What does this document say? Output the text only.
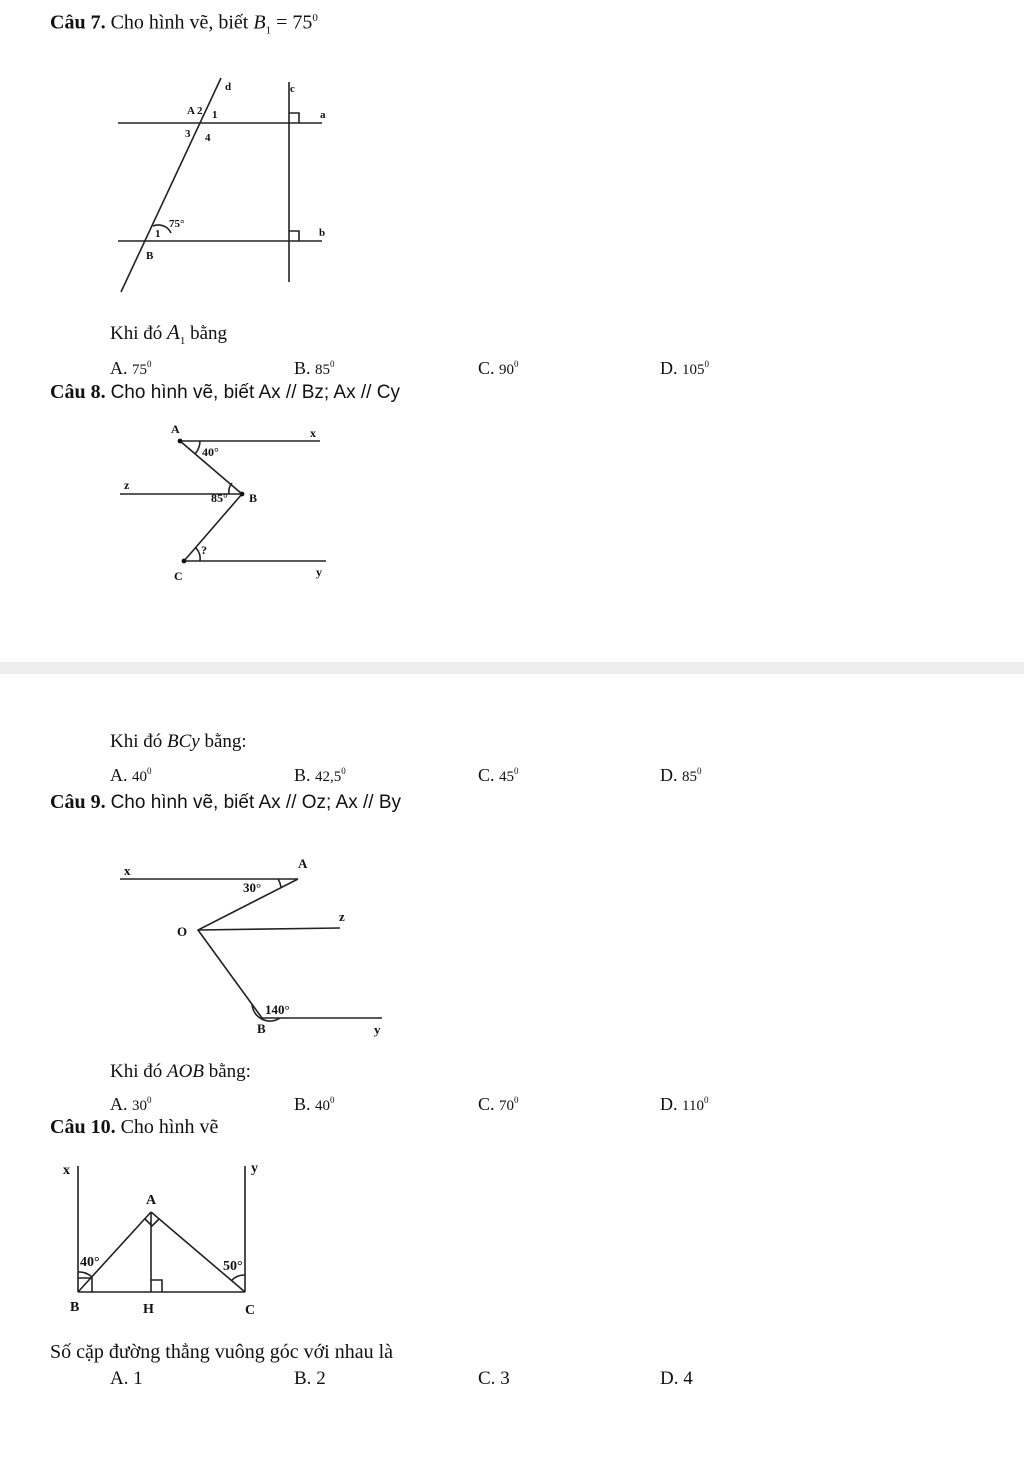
Câu 7. Cho hình vẽ, biết $B_1 = 75^0$
d	c
a
b
A 2 1
3 4
75°
1
B
Khi đó $A_1$ bằng
A. $75^0$	B. $85^0$	C. $90^0$	D. $105^0$
Câu 8. Cho hình vẽ, biết Ax // Bz; Ax // Cy
A	x
40°
z
85° B
?
C	y
Khi đó BCy bằng:
A. $40^0$	B. 42,5$^0$	C. $45^0$	D. $85^0$
Câu 9. Cho hình vẽ, biết Ax // Oz; Ax // By
x	A
30°
O
z
140°
B	y
Khi đó AOB bằng:
A. $30^0$	B. $40^0$	C. $70^0$	D. $110^0$
Câu 10. Cho hình vẽ
x	y
A
40°	50°
B	H	C
Số cặp đường thẳng vuông góc với nhau là
A. 1	B. 2	C. 3	D. 4
